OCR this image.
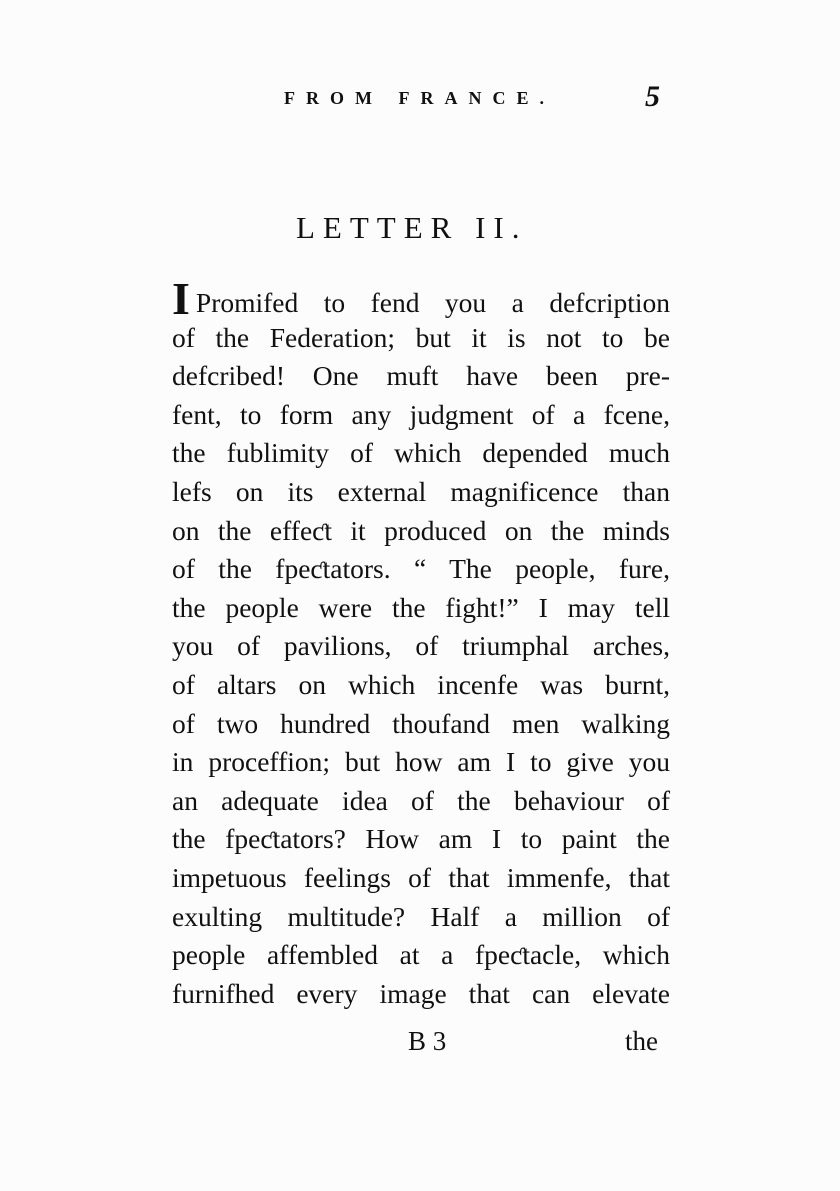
FROM FRANCE.	5
LETTER II.
I Promifed to fend you a defcription
of the Federation; but it is not to be
defcribed! One muft have been pre-
fent, to form any judgment of a fcene,
the fublimity of which depended much
lefs on its external magnificence than
on the effeƈt it produced on the minds
of the fpeƈtators. “ The people, fure,
the people were the fight!” I may tell
you of pavilions, of triumphal arches,
of altars on which incenfe was burnt,
of two hundred thoufand men walking
in proceffion; but how am I to give you
an adequate idea of the behaviour of
the fpeƈtators? How am I to paint the
impetuous feelings of that immenfe, that
exulting multitude? Half a million of
people affembled at a fpeƈtacle, which
furnifhed every image that can elevate
B 3	the
